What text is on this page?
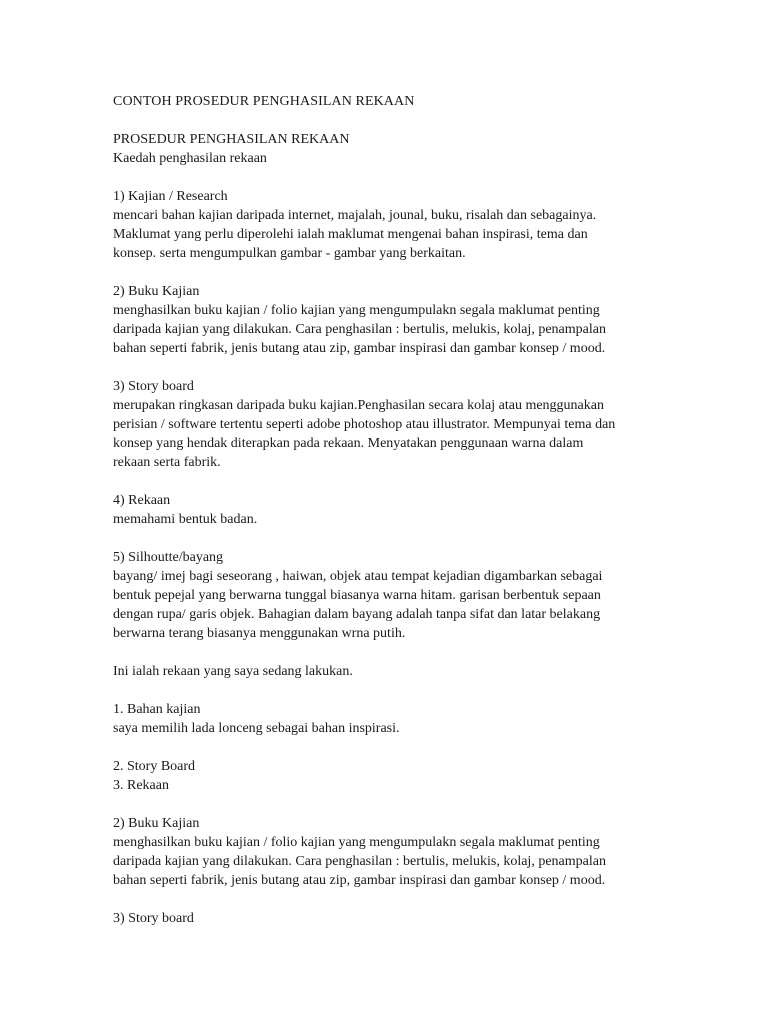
CONTOH PROSEDUR PENGHASILAN REKAAN
PROSEDUR PENGHASILAN REKAAN
Kaedah penghasilan rekaan
1) Kajian / Research
mencari bahan kajian daripada internet, majalah, jounal, buku, risalah dan sebagainya.
Maklumat yang perlu diperolehi ialah maklumat mengenai bahan inspirasi, tema dan
konsep. serta mengumpulkan gambar - gambar yang berkaitan.
2) Buku Kajian
menghasilkan buku kajian / folio kajian yang mengumpulakn segala maklumat penting
daripada kajian yang dilakukan. Cara penghasilan : bertulis, melukis, kolaj, penampalan
bahan seperti fabrik, jenis butang atau zip, gambar inspirasi dan gambar konsep / mood.
3) Story board
merupakan ringkasan daripada buku kajian.Penghasilan secara kolaj atau menggunakan
perisian / software tertentu seperti adobe photoshop atau illustrator. Mempunyai tema dan
konsep yang hendak diterapkan pada rekaan. Menyatakan penggunaan warna dalam
rekaan serta fabrik.
4) Rekaan
memahami bentuk badan.
5) Silhoutte/bayang
bayang/ imej bagi seseorang , haiwan, objek atau tempat kejadian digambarkan sebagai
bentuk pepejal yang berwarna tunggal biasanya warna hitam. garisan berbentuk sepaan
dengan rupa/ garis objek. Bahagian dalam bayang adalah tanpa sifat dan latar belakang
berwarna terang biasanya menggunakan wrna putih.
Ini ialah rekaan yang saya sedang lakukan.
1. Bahan kajian
saya memilih lada lonceng sebagai bahan inspirasi.
2. Story Board
3. Rekaan
2) Buku Kajian
menghasilkan buku kajian / folio kajian yang mengumpulakn segala maklumat penting
daripada kajian yang dilakukan. Cara penghasilan : bertulis, melukis, kolaj, penampalan
bahan seperti fabrik, jenis butang atau zip, gambar inspirasi dan gambar konsep / mood.
3) Story board
